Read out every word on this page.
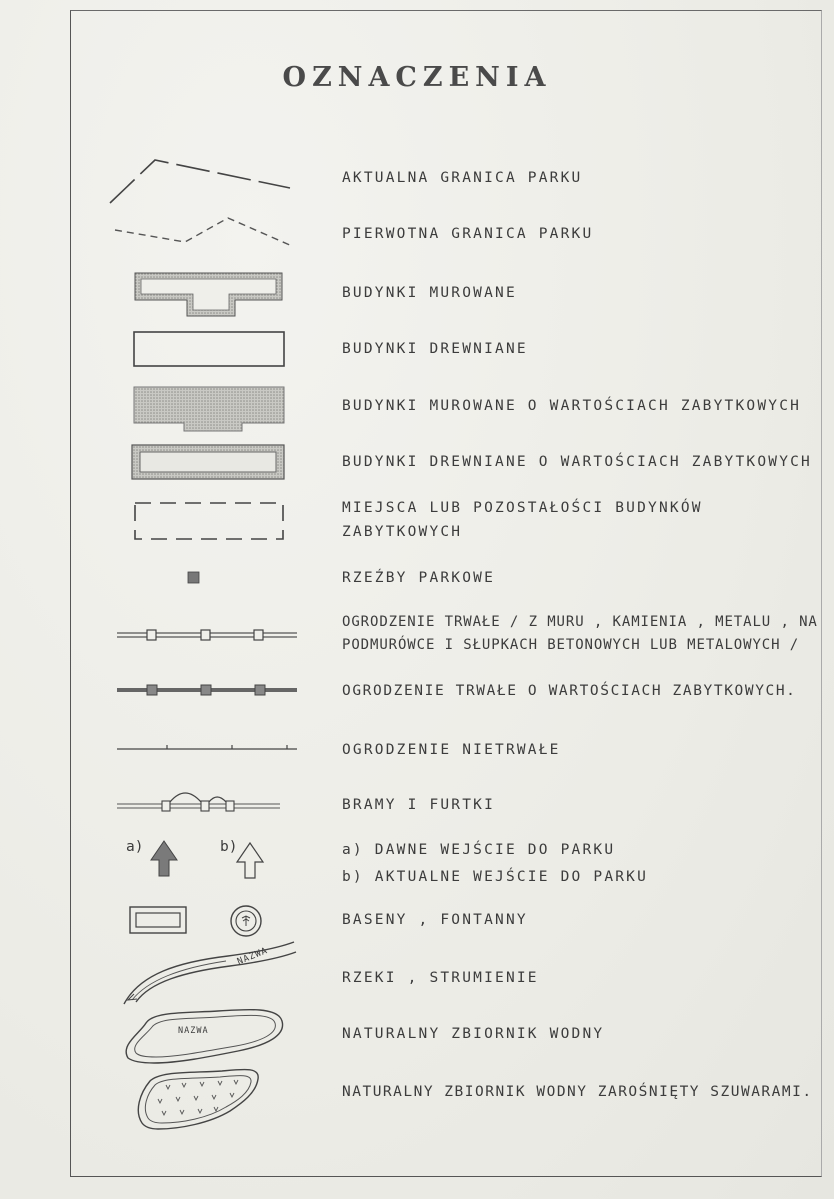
OZNACZENIA
AKTUALNA GRANICA PARKU
PIERWOTNA GRANICA PARKU
BUDYNKI MUROWANE
BUDYNKI DREWNIANE
BUDYNKI MUROWANE O WARTOŚCIACH ZABYTKOWYCH
BUDYNKI DREWNIANE O WARTOŚCIACH ZABYTKOWYCH
MIEJSCA LUB POZOSTAŁOŚCI BUDYNKÓW
ZABYTKOWYCH
RZEŹBY PARKOWE
OGRODZENIE TRWAŁE / Z MURU , KAMIENIA , METALU , NA
PODMURÓWCE I SŁUPKACH BETONOWYCH LUB METALOWYCH /
OGRODZENIE TRWAŁE O WARTOŚCIACH ZABYTKOWYCH.
OGRODZENIE NIETRWAŁE
BRAMY I FURTKI
a)	b)	a) DAWNE WEJŚCIE DO PARKU
b) AKTUALNE WEJŚCIE DO PARKU
BASENY , FONTANNY
NAZWA
RZEKI , STRUMIENIE
NAZWA	NATURALNY ZBIORNIK WODNY
NATURALNY ZBIORNIK WODNY ZAROŚNIĘTY SZUWARAMI.
